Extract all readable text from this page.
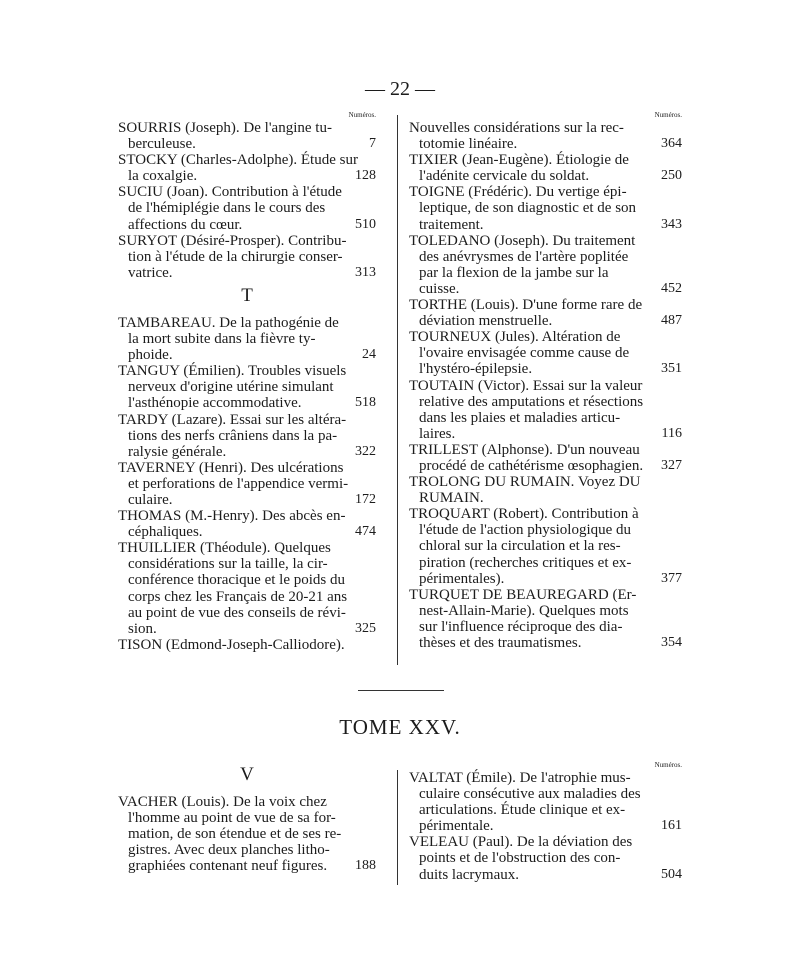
— 22 —
Numéros.
SOURRIS (Joseph). De l'angine tu-
berculeuse.	7
STOCKY (Charles-Adolphe). Étude sur
la coxalgie.	128
SUCIU (Joan). Contribution à l'étude
de l'hémiplégie dans le cours des
affections du cœur.	510
SURYOT (Désiré-Prosper). Contribu-
tion à l'étude de la chirurgie conser-
vatrice.	313
T
TAMBAREAU. De la pathogénie de
la mort subite dans la fièvre ty-
phoide.	24
TANGUY (Émilien). Troubles visuels
nerveux d'origine utérine simulant
l'asthénopie accommodative.	518
TARDY (Lazare). Essai sur les altéra-
tions des nerfs crâniens dans la pa-
ralysie générale.	322
TAVERNEY (Henri). Des ulcérations
et perforations de l'appendice vermi-
culaire.	172
THOMAS (M.-Henry). Des abcès en-
céphaliques.	474
THUILLIER (Théodule). Quelques
considérations sur la taille, la cir-
conférence thoracique et le poids du
corps chez les Français de 20-21 ans
au point de vue des conseils de révi-
sion.	325
TISON (Edmond-Joseph-Calliodore).
Numéros.
Nouvelles considérations sur la rec-
totomie linéaire.	364
TIXIER (Jean-Eugène). Étiologie de
l'adénite cervicale du soldat.	250
TOIGNE (Frédéric). Du vertige épi-
leptique, de son diagnostic et de son
traitement.	343
TOLEDANO (Joseph). Du traitement
des anévrysmes de l'artère poplitée
par la flexion de la jambe sur la
cuisse.	452
TORTHE (Louis). D'une forme rare de
déviation menstruelle.	487
TOURNEUX (Jules). Altération de
l'ovaire envisagée comme cause de
l'hystéro-épilepsie.	351
TOUTAIN (Victor). Essai sur la valeur
relative des amputations et résections
dans les plaies et maladies articu-
laires.	116
TRILLEST (Alphonse). D'un nouveau
procédé de cathétérisme œsophagien.	327
TROLONG DU RUMAIN. Voyez DU
RUMAIN.
TROQUART (Robert). Contribution à
l'étude de l'action physiologique du
chloral sur la circulation et la res-
piration (recherches critiques et ex-
périmentales).	377
TURQUET DE BEAUREGARD (Er-
nest-Allain-Marie). Quelques mots
sur l'influence réciproque des dia-
thèses et des traumatismes.	354
TOME XXV.
V
VACHER (Louis). De la voix chez
l'homme au point de vue de sa for-
mation, de son étendue et de ses re-
gistres. Avec deux planches litho-
graphiées contenant neuf figures.	188
Numéros.
VALTAT (Émile). De l'atrophie mus-
culaire consécutive aux maladies des
articulations. Étude clinique et ex-
périmentale.	161
VELEAU (Paul). De la déviation des
points et de l'obstruction des con-
duits lacrymaux.	504
